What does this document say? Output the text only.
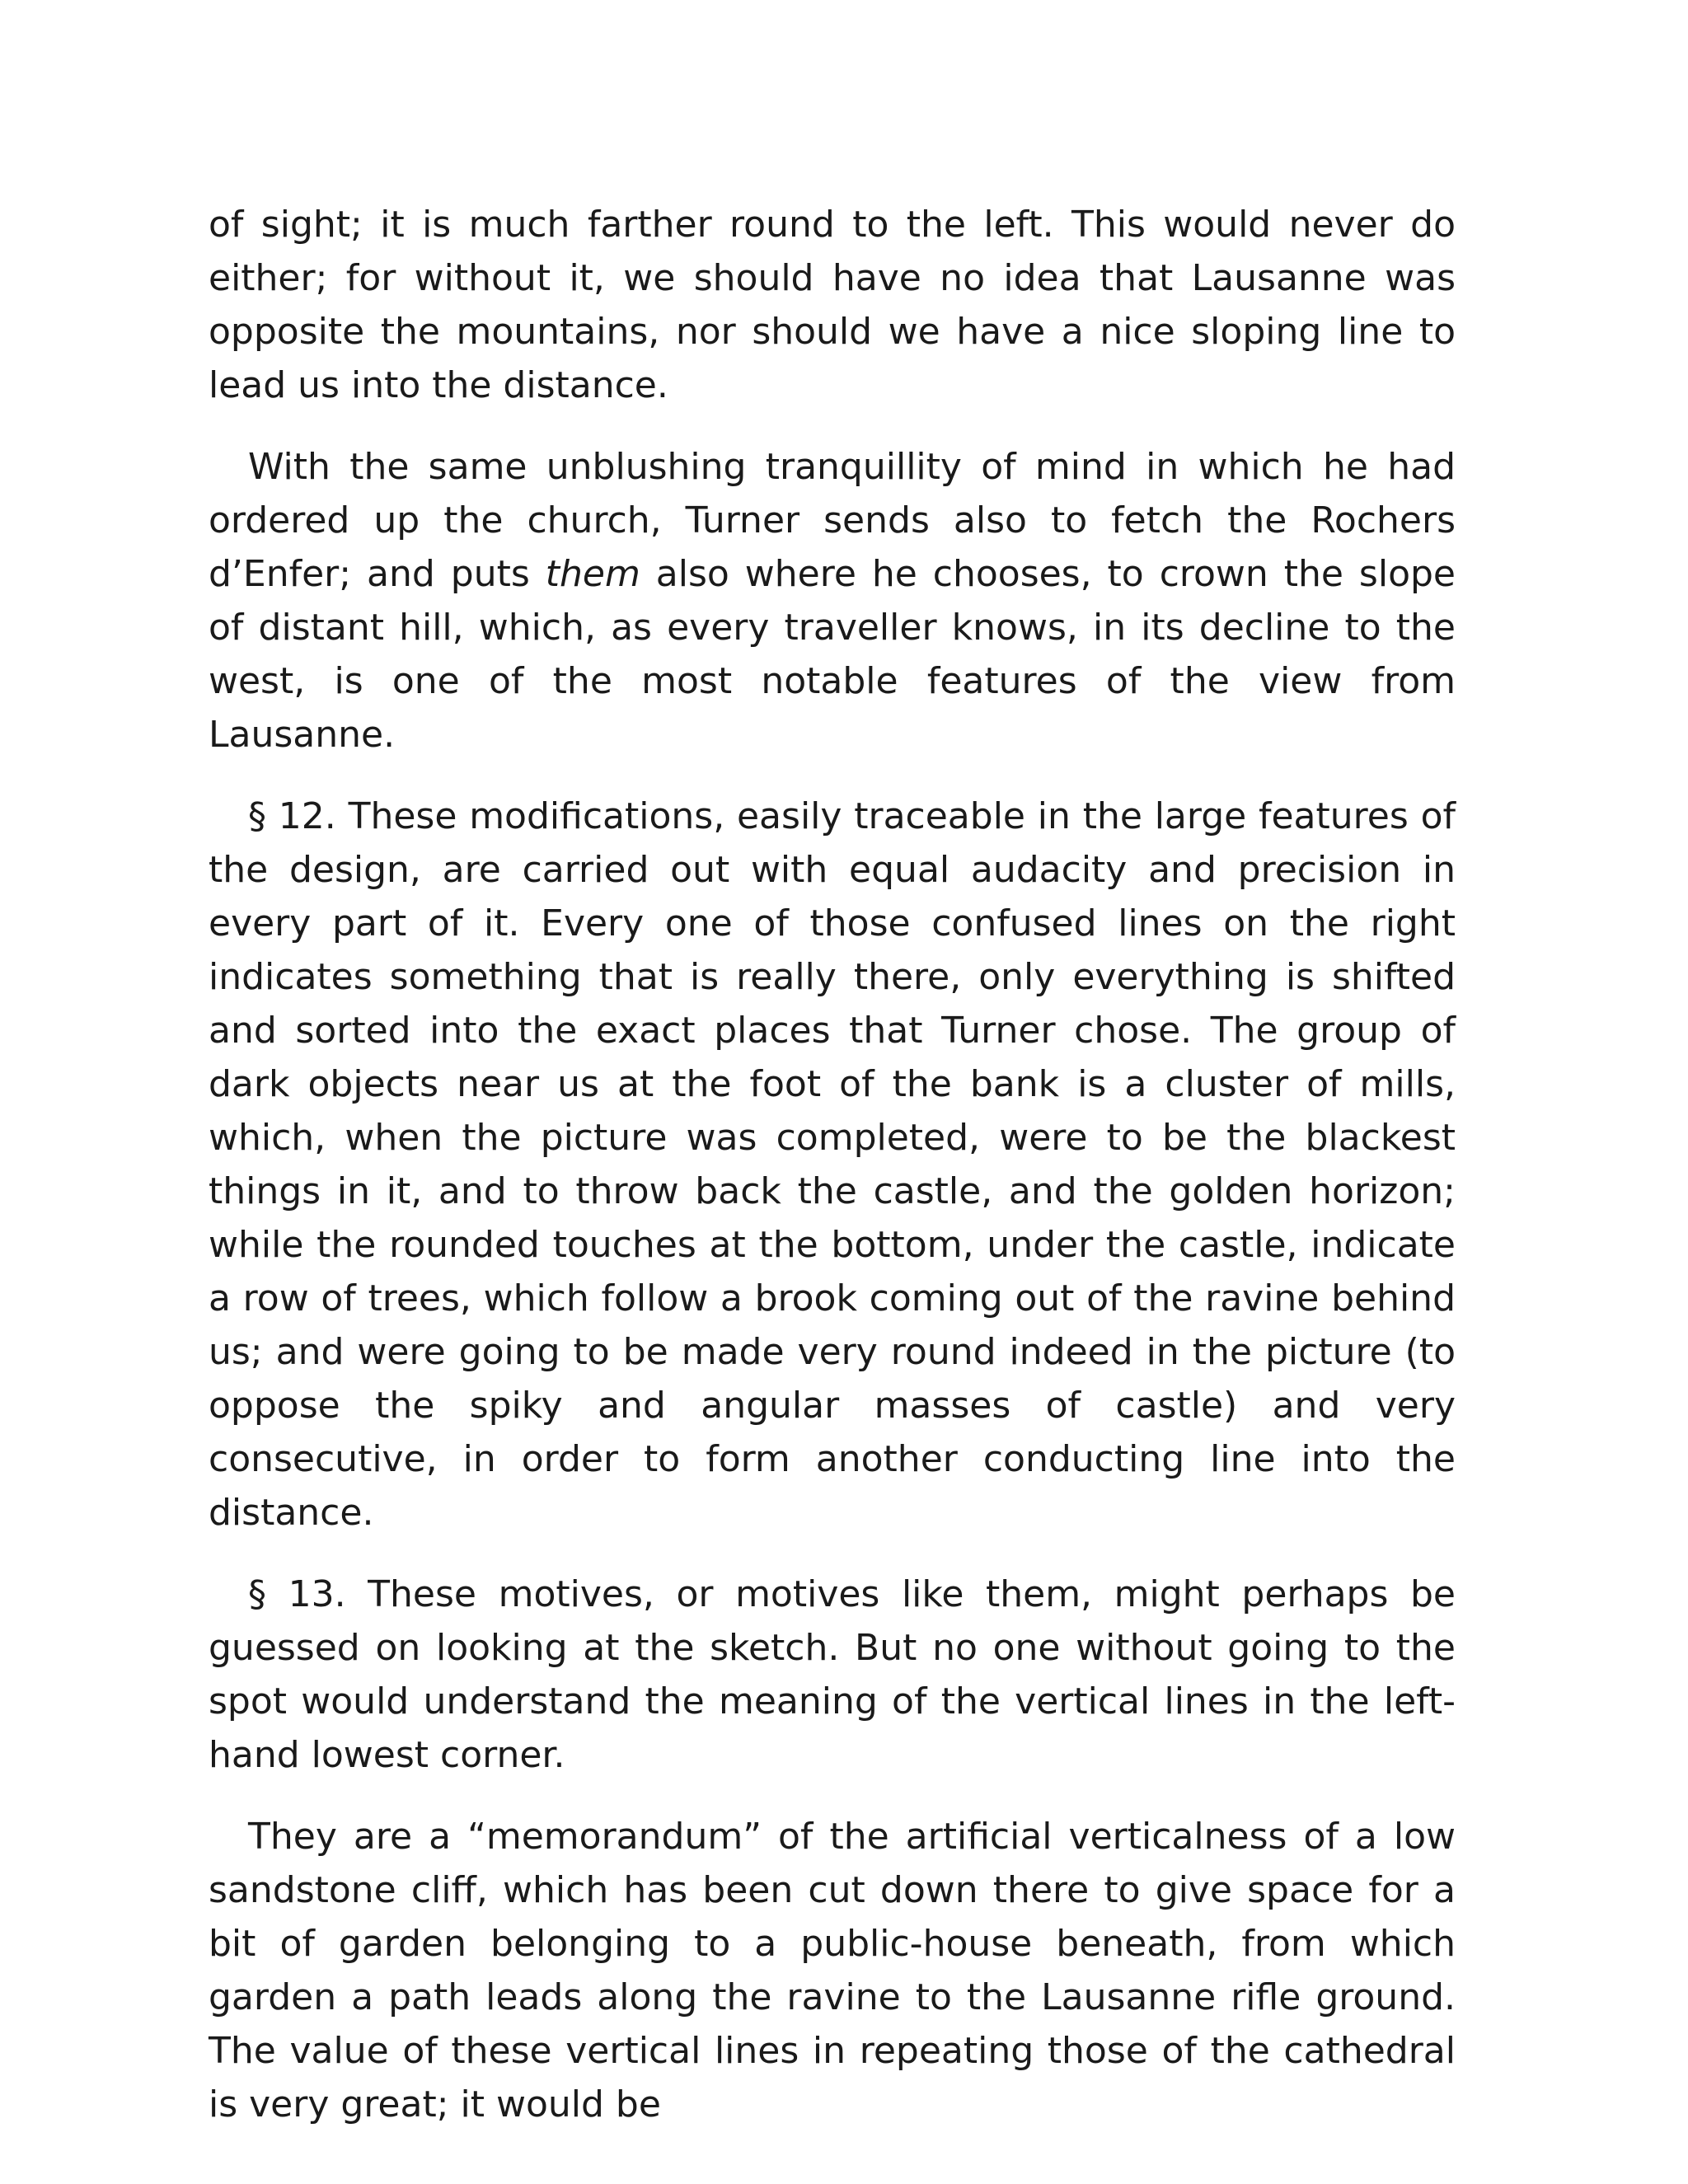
of sight; it is much farther round to the left. This would never do either; for without it, we should have no idea that Lausanne was opposite the mountains, nor should we have a nice sloping line to lead us into the distance.

With the same unblushing tranquillity of mind in which he had ordered up the church, Turner sends also to fetch the Rochers d’Enfer; and puts them also where he chooses, to crown the slope of distant hill, which, as every traveller knows, in its decline to the west, is one of the most notable features of the view from Lausanne.

§ 12. These modifications, easily traceable in the large features of the design, are carried out with equal audacity and precision in every part of it. Every one of those confused lines on the right indicates something that is really there, only everything is shifted and sorted into the exact places that Turner chose. The group of dark objects near us at the foot of the bank is a cluster of mills, which, when the picture was completed, were to be the blackest things in it, and to throw back the castle, and the golden horizon; while the rounded touches at the bottom, under the castle, indicate a row of trees, which follow a brook coming out of the ravine behind us; and were going to be made very round indeed in the picture (to oppose the spiky and angular masses of castle) and very consecutive, in order to form another conducting line into the distance.

§ 13. These motives, or motives like them, might perhaps be guessed on looking at the sketch. But no one without going to the spot would understand the meaning of the vertical lines in the left-hand lowest corner.

They are a “memorandum” of the artificial verticalness of a low sandstone cliff, which has been cut down there to give space for a bit of garden belonging to a public-house beneath, from which garden a path leads along the ravine to the Lausanne rifle ground. The value of these vertical lines in repeating those of the cathedral is very great; it would be
